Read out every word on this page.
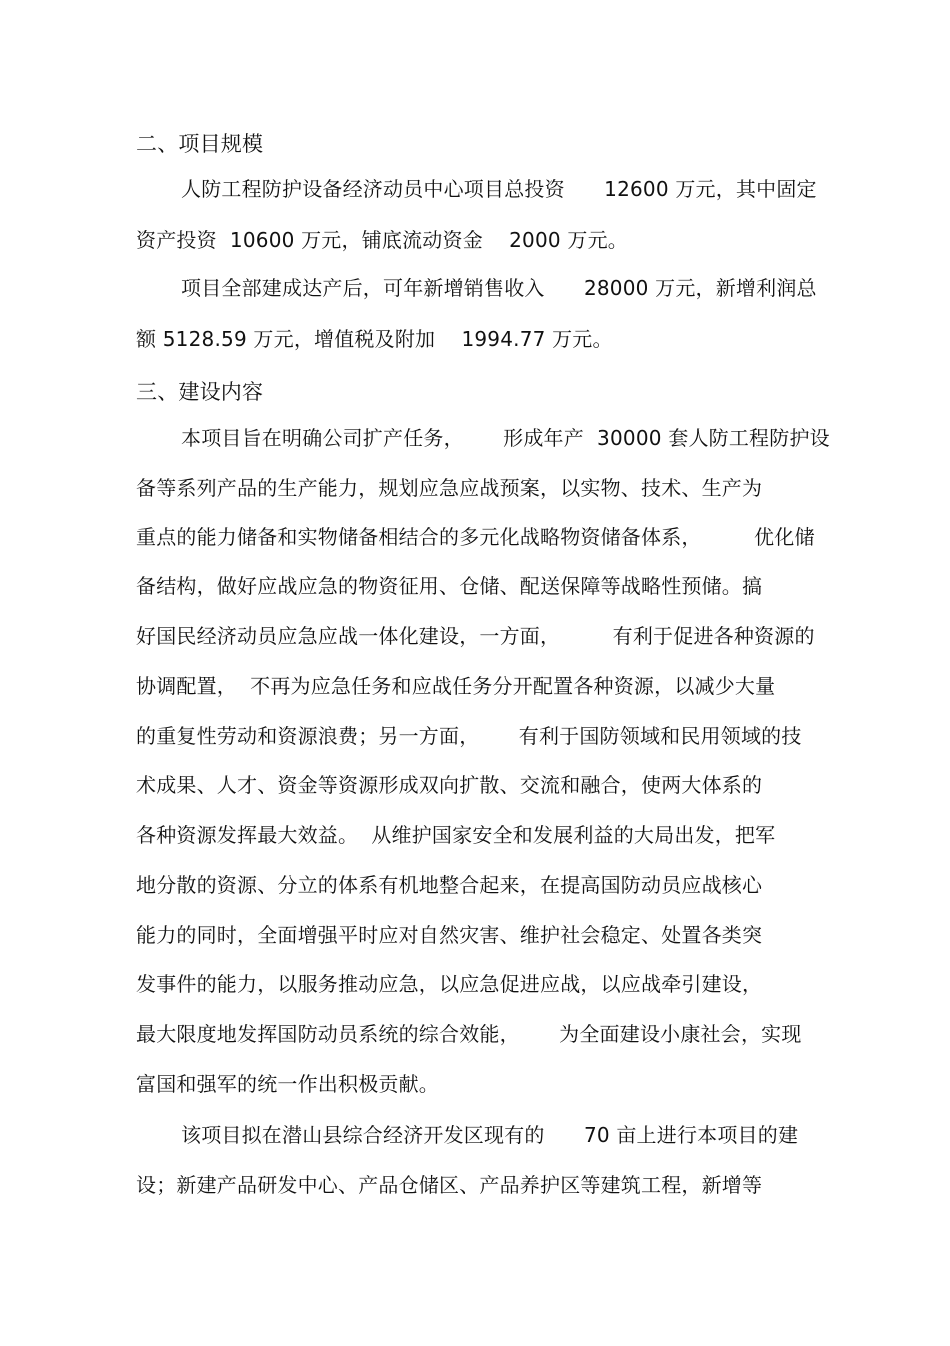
二、项目规模
人防工程防护设备经济动员中心项目总投资      12600 万元，其中固定
资产投资  10600 万元，铺底流动资金    2000 万元。
项目全部建成达产后，可年新增销售收入      28000 万元，新增利润总
额 5128.59 万元，增值税及附加    1994.77 万元。
三、建设内容
本项目旨在明确公司扩产任务，      形成年产  30000 套人防工程防护设
备等系列产品的生产能力，规划应急应战预案，以实物、技术、生产为
重点的能力储备和实物储备相结合的多元化战略物资储备体系，        优化储
备结构，做好应战应急的物资征用、仓储、配送保障等战略性预储。搞
好国民经济动员应急应战一体化建设，一方面，        有利于促进各种资源的
协调配置，  不再为应急任务和应战任务分开配置各种资源，以减少大量
的重复性劳动和资源浪费；另一方面，      有利于国防领域和民用领域的技
术成果、人才、资金等资源形成双向扩散、交流和融合，使两大体系的
各种资源发挥最大效益。  从维护国家安全和发展利益的大局出发，把军
地分散的资源、分立的体系有机地整合起来，在提高国防动员应战核心
能力的同时，全面增强平时应对自然灾害、维护社会稳定、处置各类突
发事件的能力，以服务推动应急，以应急促进应战，以应战牵引建设，
最大限度地发挥国防动员系统的综合效能，      为全面建设小康社会，实现
富国和强军的统一作出积极贡献。
该项目拟在潜山县综合经济开发区现有的      70 亩上进行本项目的建
设；新建产品研发中心、产品仓储区、产品养护区等建筑工程，新增等
